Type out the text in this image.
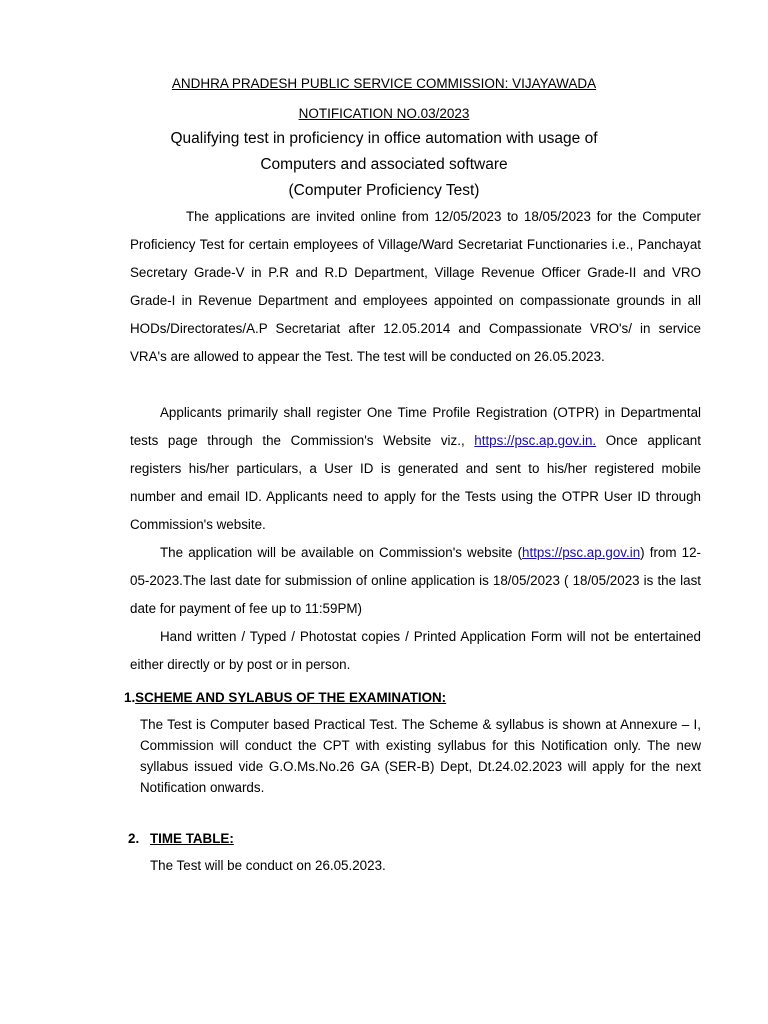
ANDHRA PRADESH PUBLIC SERVICE COMMISSION: VIJAYAWADA
NOTIFICATION NO.03/2023
Qualifying test in proficiency in office automation with usage of
Computers and associated software
(Computer Proficiency Test)

The applications are invited online from 12/05/2023 to 18/05/2023 for the Computer Proficiency Test for certain employees of Village/Ward Secretariat Functionaries i.e., Panchayat Secretary Grade-V in P.R and R.D Department, Village Revenue Officer Grade-II and VRO Grade-I in Revenue Department and employees appointed on compassionate grounds in all HODs/Directorates/A.P Secretariat after 12.05.2014 and Compassionate VRO's/ in service VRA's are allowed to appear the Test. The test will be conducted on 26.05.2023.

Applicants primarily shall register One Time Profile Registration (OTPR) in Departmental tests page through the Commission's Website viz., https://psc.ap.gov.in. Once applicant registers his/her particulars, a User ID is generated and sent to his/her registered mobile number and email ID. Applicants need to apply for the Tests using the OTPR User ID through Commission's website.

The application will be available on Commission's website (https://psc.ap.gov.in) from 12-05-2023.The last date for submission of online application is 18/05/2023 ( 18/05/2023 is the last date for payment of fee up to 11:59PM)

Hand written / Typed / Photostat copies / Printed Application Form will not be entertained either directly or by post or in person.

1.SCHEME AND SYLABUS OF THE EXAMINATION:

The Test is Computer based Practical Test. The Scheme & syllabus is shown at Annexure – I, Commission will conduct the CPT with existing syllabus for this Notification only. The new syllabus issued vide G.O.Ms.No.26 GA (SER-B) Dept, Dt.24.02.2023 will apply for the next Notification onwards.

2. TIME TABLE:

The Test will be conduct on 26.05.2023.
